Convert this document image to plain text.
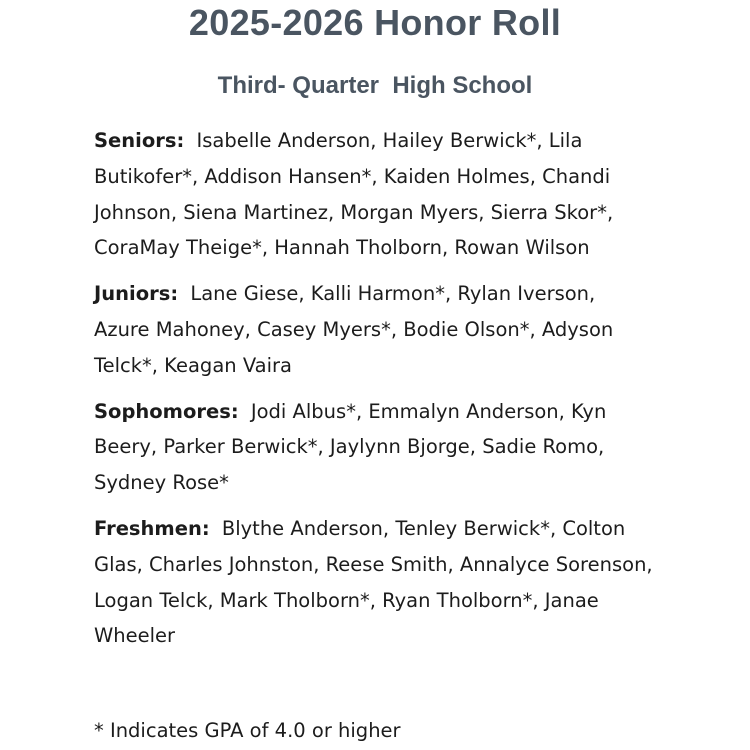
2025-2026 Honor Roll
Third- Quarter  High School

Seniors: Isabelle Anderson, Hailey Berwick*, Lila Butikofer*, Addison Hansen*, Kaiden Holmes, Chandi Johnson, Siena Martinez, Morgan Myers, Sierra Skor*, CoraMay Theige*, Hannah Tholborn, Rowan Wilson

Juniors: Lane Giese, Kalli Harmon*, Rylan Iverson, Azure Mahoney, Casey Myers*, Bodie Olson*, Adyson Telck*, Keagan Vaira

Sophomores: Jodi Albus*, Emmalyn Anderson, Kyn Beery, Parker Berwick*, Jaylynn Bjorge, Sadie Romo, Sydney Rose*

Freshmen: Blythe Anderson, Tenley Berwick*, Colton Glas, Charles Johnston, Reese Smith, Annalyce Sorenson, Logan Telck, Mark Tholborn*, Ryan Tholborn*, Janae Wheeler

* Indicates GPA of 4.0 or higher
